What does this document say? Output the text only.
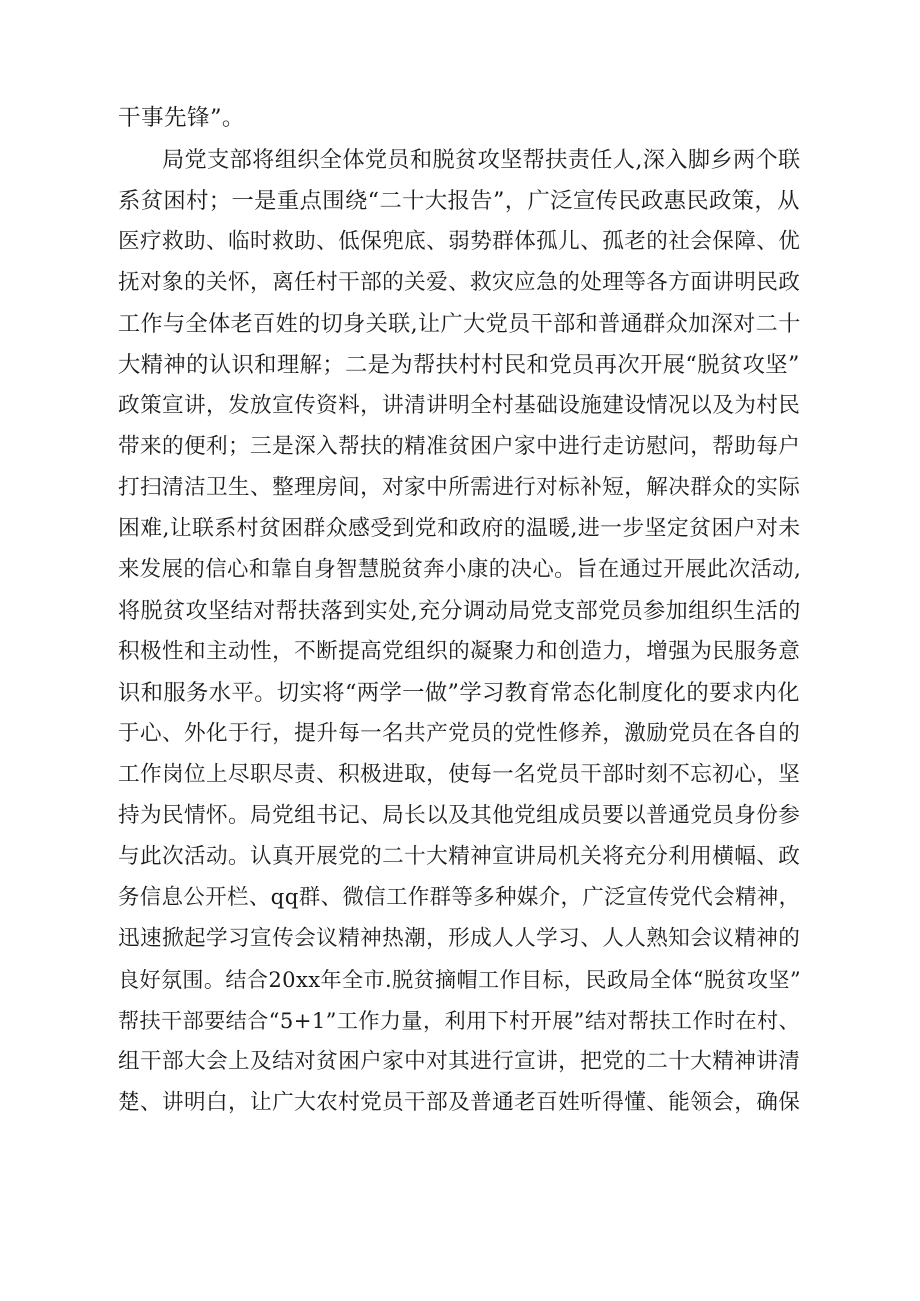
干事先锋”。
局党支部将组织全体党员和脱贫攻坚帮扶责任人,深入脚乡两个联
系贫困村；一是重点围绕“二十大报告”，广泛宣传民政惠民政策，从
医疗救助、临时救助、低保兜底、弱势群体孤儿、孤老的社会保障、优
抚对象的关怀，离任村干部的关爱、救灾应急的处理等各方面讲明民政
工作与全体老百姓的切身关联,让广大党员干部和普通群众加深对二十
大精神的认识和理解；二是为帮扶村村民和党员再次开展“脱贫攻坚”
政策宣讲，发放宣传资料，讲清讲明全村基础设施建设情况以及为村民
带来的便利；三是深入帮扶的精准贫困户家中进行走访慰问，帮助每户
打扫清洁卫生、整理房间，对家中所需进行对标补短，解决群众的实际
困难,让联系村贫困群众感受到党和政府的温暖,进一步坚定贫困户对未
来发展的信心和靠自身智慧脱贫奔小康的决心。旨在通过开展此次活动,
将脱贫攻坚结对帮扶落到实处,充分调动局党支部党员参加组织生活的
积极性和主动性，不断提高党组织的凝聚力和创造力，增强为民服务意
识和服务水平。切实将“两学一做”学习教育常态化制度化的要求内化
于心、外化于行，提升每一名共产党员的党性修养，激励党员在各自的
工作岗位上尽职尽责、积极进取，使每一名党员干部时刻不忘初心，坚
持为民情怀。局党组书记、局长以及其他党组成员要以普通党员身份参
与此次活动。认真开展党的二十大精神宣讲局机关将充分利用横幅、政
务信息公开栏、qq群、微信工作群等多种媒介，广泛宣传党代会精神，
迅速掀起学习宣传会议精神热潮，形成人人学习、人人熟知会议精神的
良好氛围。结合20xx年全市.脱贫摘帽工作目标，民政局全体“脱贫攻坚”
帮扶干部要结合“5+1”工作力量，利用下村开展”结对帮扶工作时在村、
组干部大会上及结对贫困户家中对其进行宣讲，把党的二十大精神讲清
楚、讲明白，让广大农村党员干部及普通老百姓听得懂、能领会，确保
